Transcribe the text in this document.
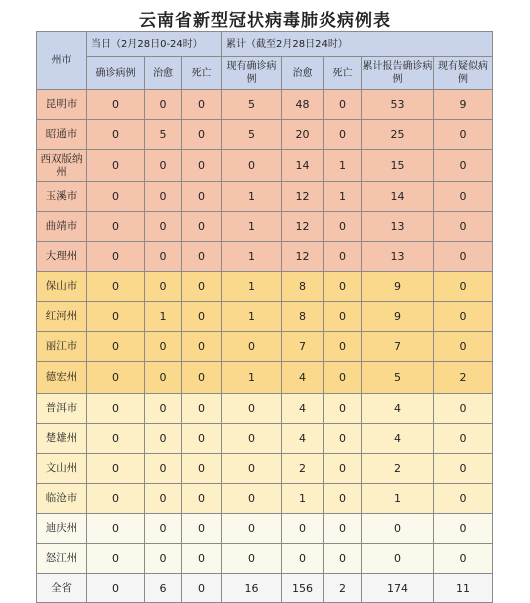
云南省新型冠状病毒肺炎病例表
州市	当日（2月28日0-24时）			累计（截至2月28日24时）				
	确诊病例	治愈	死亡	现有确诊病例	治愈	死亡	累计报告确诊病例	现有疑似病例
昆明市	0	0	0	5	48	0	53	9
昭通市	0	5	0	5	20	0	25	0
西双版纳州	0	0	0	0	14	1	15	0
玉溪市	0	0	0	1	12	1	14	0
曲靖市	0	0	0	1	12	0	13	0
大理州	0	0	0	1	12	0	13	0
保山市	0	0	0	1	8	0	9	0
红河州	0	1	0	1	8	0	9	0
丽江市	0	0	0	0	7	0	7	0
德宏州	0	0	0	1	4	0	5	2
普洱市	0	0	0	0	4	0	4	0
楚雄州	0	0	0	0	4	0	4	0
文山州	0	0	0	0	2	0	2	0
临沧市	0	0	0	0	1	0	1	0
迪庆州	0	0	0	0	0	0	0	0
怒江州	0	0	0	0	0	0	0	0
全省	0	6	0	16	156	2	174	11
